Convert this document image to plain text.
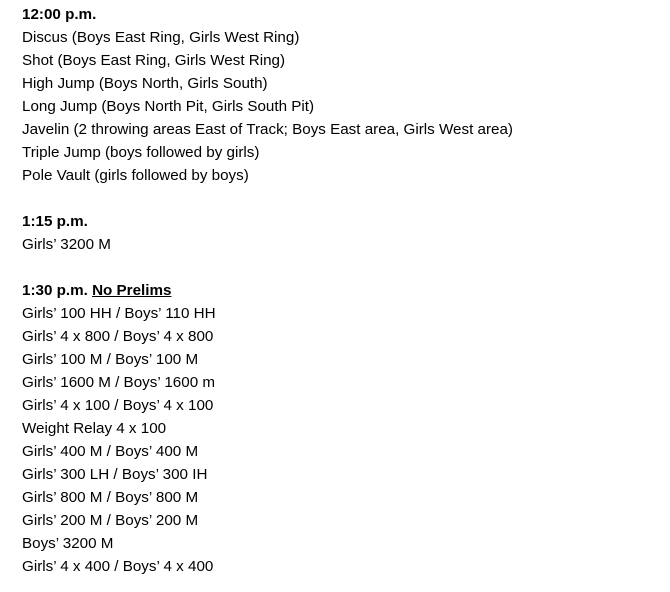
12:00 p.m.
Discus (Boys East Ring, Girls West Ring)
Shot (Boys East Ring, Girls West Ring)
High Jump (Boys North, Girls South)
Long Jump (Boys North Pit, Girls South Pit)
Javelin (2 throwing areas East of Track; Boys East area, Girls West area)
Triple Jump (boys followed by girls)
Pole Vault (girls followed by boys)
1:15 p.m.
Girls’ 3200 M
1:30 p.m. No Prelims
Girls’ 100 HH / Boys’ 110 HH
Girls’ 4 x 800 / Boys’ 4 x 800
Girls’ 100 M / Boys’ 100 M
Girls’ 1600 M / Boys’ 1600 m
Girls’ 4 x 100 / Boys’ 4 x 100
Weight Relay 4 x 100
Girls’ 400 M / Boys’ 400 M
Girls’ 300 LH / Boys’ 300 IH
Girls’ 800 M / Boys’ 800 M
Girls’ 200 M / Boys’ 200 M
Boys’ 3200 M
Girls’ 4 x 400 / Boys’ 4 x 400
